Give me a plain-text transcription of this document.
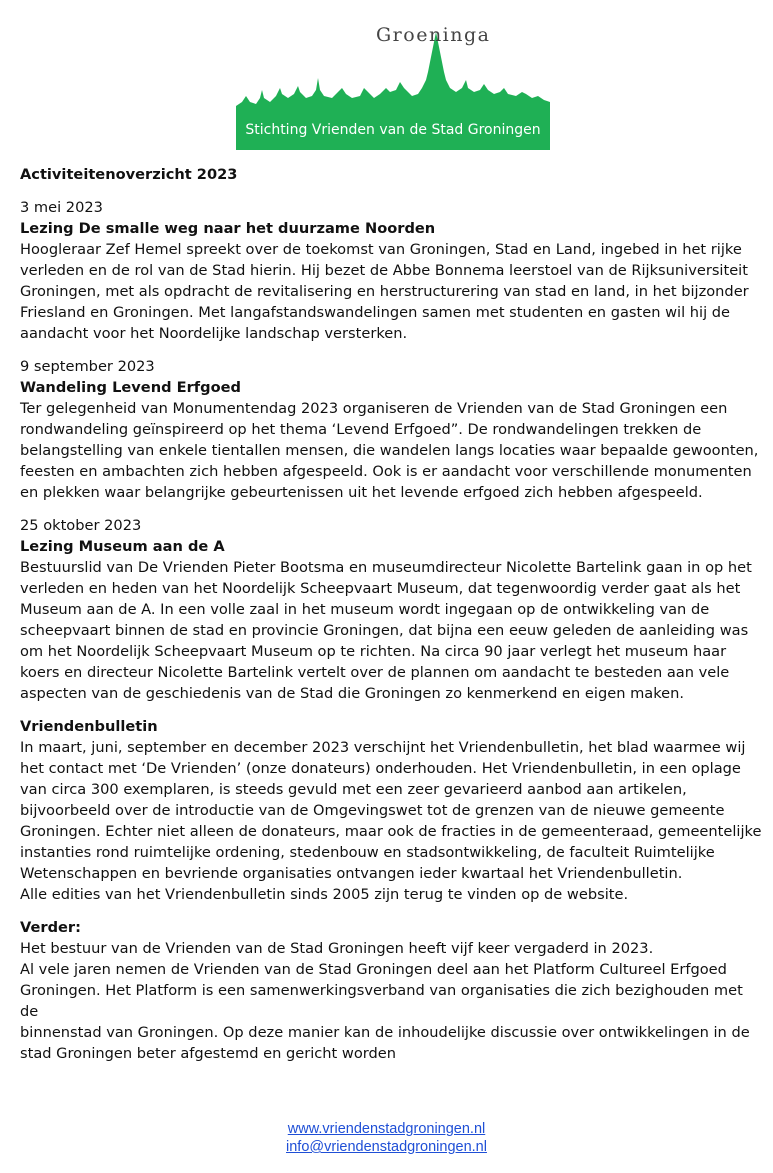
Groeninga
Stichting Vrienden van de Stad Groningen

Activiteitenoverzicht 2023

3 mei 2023

Lezing De smalle weg naar het duurzame Noorden

Hoogleraar Zef Hemel spreekt over de toekomst van Groningen, Stad en Land, ingebed in het rijke

verleden en de rol van de Stad hierin. Hij bezet de Abbe Bonnema leerstoel van de Rijksuniversiteit

Groningen, met als opdracht de revitalisering en herstructurering van stad en land, in het bijzonder

Friesland en Groningen. Met langafstandswandelingen samen met studenten en gasten wil hij de

aandacht voor het Noordelijke landschap versterken.

9 september 2023

Wandeling Levend Erfgoed

Ter gelegenheid van Monumentendag 2023 organiseren de Vrienden van de Stad Groningen een

rondwandeling geïnspireerd op het thema ‘Levend Erfgoed”. De rondwandelingen trekken de

belangstelling van enkele tientallen mensen, die wandelen langs locaties waar bepaalde gewoonten,

feesten en ambachten zich hebben afgespeeld. Ook is er aandacht voor verschillende monumenten

en plekken waar belangrijke gebeurtenissen uit het levende erfgoed zich hebben afgespeeld.

25 oktober 2023

Lezing Museum aan de A

Bestuurslid van De Vrienden Pieter Bootsma en museumdirecteur Nicolette Bartelink gaan in op het

verleden en heden van het Noordelijk Scheepvaart Museum, dat tegenwoordig verder gaat als het

Museum aan de A. In een volle zaal in het museum wordt ingegaan op de ontwikkeling van de

scheepvaart binnen de stad en provincie Groningen, dat bijna een eeuw geleden de aanleiding was

om het Noordelijk Scheepvaart Museum op te richten. Na circa 90 jaar verlegt het museum haar

koers en directeur Nicolette Bartelink vertelt over de plannen om aandacht te besteden aan vele

aspecten van de geschiedenis van de Stad die Groningen zo kenmerkend en eigen maken.

Vriendenbulletin

In maart, juni, september en december 2023 verschijnt het Vriendenbulletin, het blad waarmee wij

het contact met ‘De Vrienden’ (onze donateurs) onderhouden. Het Vriendenbulletin, in een oplage

van circa 300 exemplaren, is steeds gevuld met een zeer gevarieerd aanbod aan artikelen,

bijvoorbeeld over de introductie van de Omgevingswet tot de grenzen van de nieuwe gemeente

Groningen. Echter niet alleen de donateurs, maar ook de fracties in de gemeenteraad, gemeentelijke

instanties rond ruimtelijke ordening, stedenbouw en stadsontwikkeling, de faculteit Ruimtelijke

Wetenschappen en bevriende organisaties ontvangen ieder kwartaal het Vriendenbulletin.

Alle edities van het Vriendenbulletin sinds 2005 zijn terug te vinden op de website.

Verder:

Het bestuur van de Vrienden van de Stad Groningen heeft vijf keer vergaderd in 2023.

Al vele jaren nemen de Vrienden van de Stad Groningen deel aan het Platform Cultureel Erfgoed

Groningen. Het Platform is een samenwerkingsverband van organisaties die zich bezighouden met de

binnenstad van Groningen. Op deze manier kan de inhoudelijke discussie over ontwikkelingen in de

stad Groningen beter afgestemd en gericht worden

www.vriendenstadgroningen.nl
info@vriendenstadgroningen.nl
